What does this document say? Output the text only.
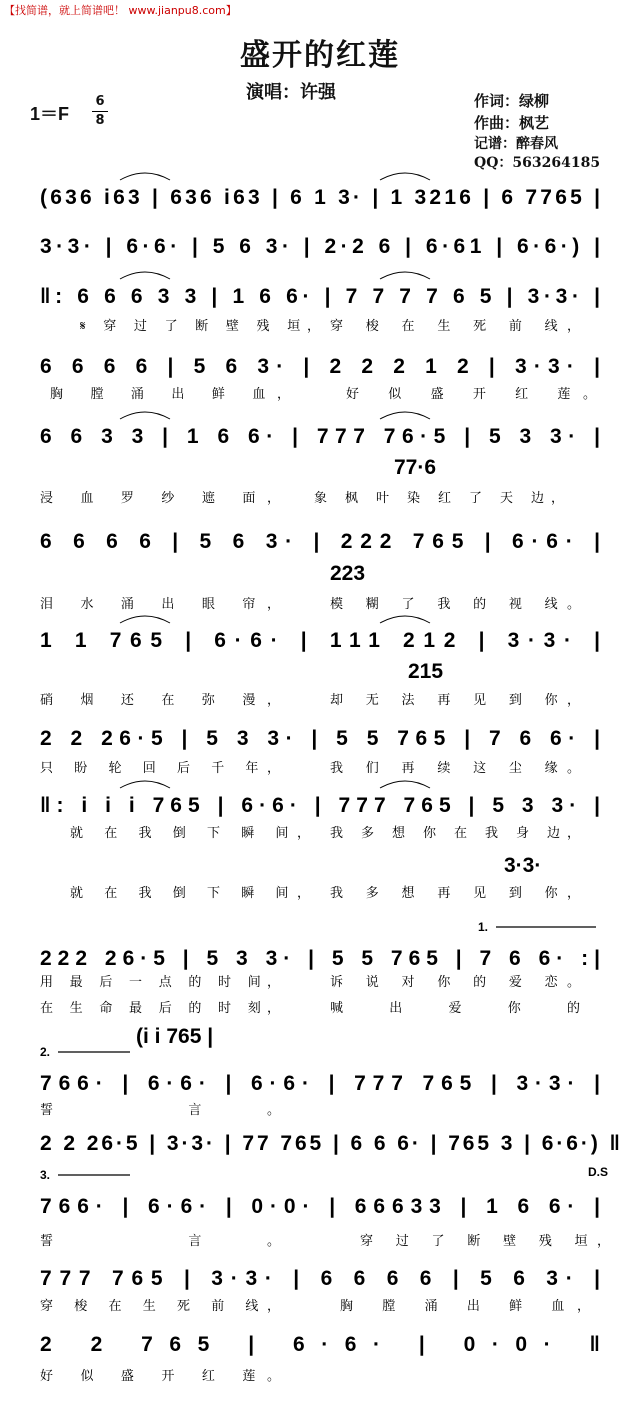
【找简谱，就上简谱吧！ www.jianpu8.com】
盛开的红莲
演唱：许强
1＝F
6
8
作词：绿柳
作曲：枫艺
记谱：醉春风
QQ：563264185
(636 i63 | 636 i63 | 6 1 3· | 1 3216 | 6 7765 |
3·3· | 6·6· | 5 6 3· | 2·2 6 | 6·61 | 6·6·) |
‖: 6 6 6 3 3 | 1 6 6· | 7 7 7 7 6 5 | 3·3· |
𝄋 穿 过 了 断 壁 残 垣， 穿 梭 在 生 死 前 线，
6 6 6 6 | 5 6 3· | 2 2 2 1 2 | 3·3· |
胸 膛 涌 出 鲜 血，	好 似 盛 开 红 莲。
6 6 3 3 | 1 6 6· | 777 76·5 | 5 3 3· |
77·6
浸 血 罗 纱 遮 面，	象 枫 叶 染 红 了 天 边，
6 6 6 6 | 5 6 3· | 222 765 | 6·6· |
223
泪 水 涌 出 眼 帘，	模 糊 了 我 的 视 线。
1 1 765 | 6·6· | 111 212 | 3·3· |
215
硝 烟 还 在 弥 漫，	却 无 法 再 见 到 你，
2 2 26·5 | 5 3 3· | 5 5 765 | 7 6 6· |
只 盼 轮 回 后 千 年，	我 们 再 续 这 尘 缘。
‖: i i i 765 | 6·6· | 777 765 | 5 3 3· |
3·3·
就 在 我 倒 下 瞬 间， 我 多 想 你 在 我 身 边，
就 在 我 倒 下 瞬 间， 我 多 想 再 见 到 你，
222 26·5 | 5 3 3· | 5 5 765 | 7 6 6· :|
1.
用 最 后 一 点 的 时 间，	诉 说 对 你 的 爱 恋。
在 生 命 最 后 的 时 刻，	喊 出 爱 你 的
766· | 6·6· | 6·6· | 777 765 | 3·3· |
2.
(i i 765 |
誓 言。
2 2 26·5 | 3·3· | 77 765 | 6 6 6· | 765 3 | 6·6·) ‖
D.S
766· | 6·6· | 0·0· | 66633 | 1 6 6· |
3.
誓 言。	穿 过 了 断 壁 残 垣，
777 765 | 3·3· | 6 6 6 6 | 5 6 3· |
穿 梭 在 生 死 前 线，	胸 膛 涌 出 鲜 血，
2 2 765 | 6·6· | 0·0· ‖
好 似 盛 开 红 莲。
